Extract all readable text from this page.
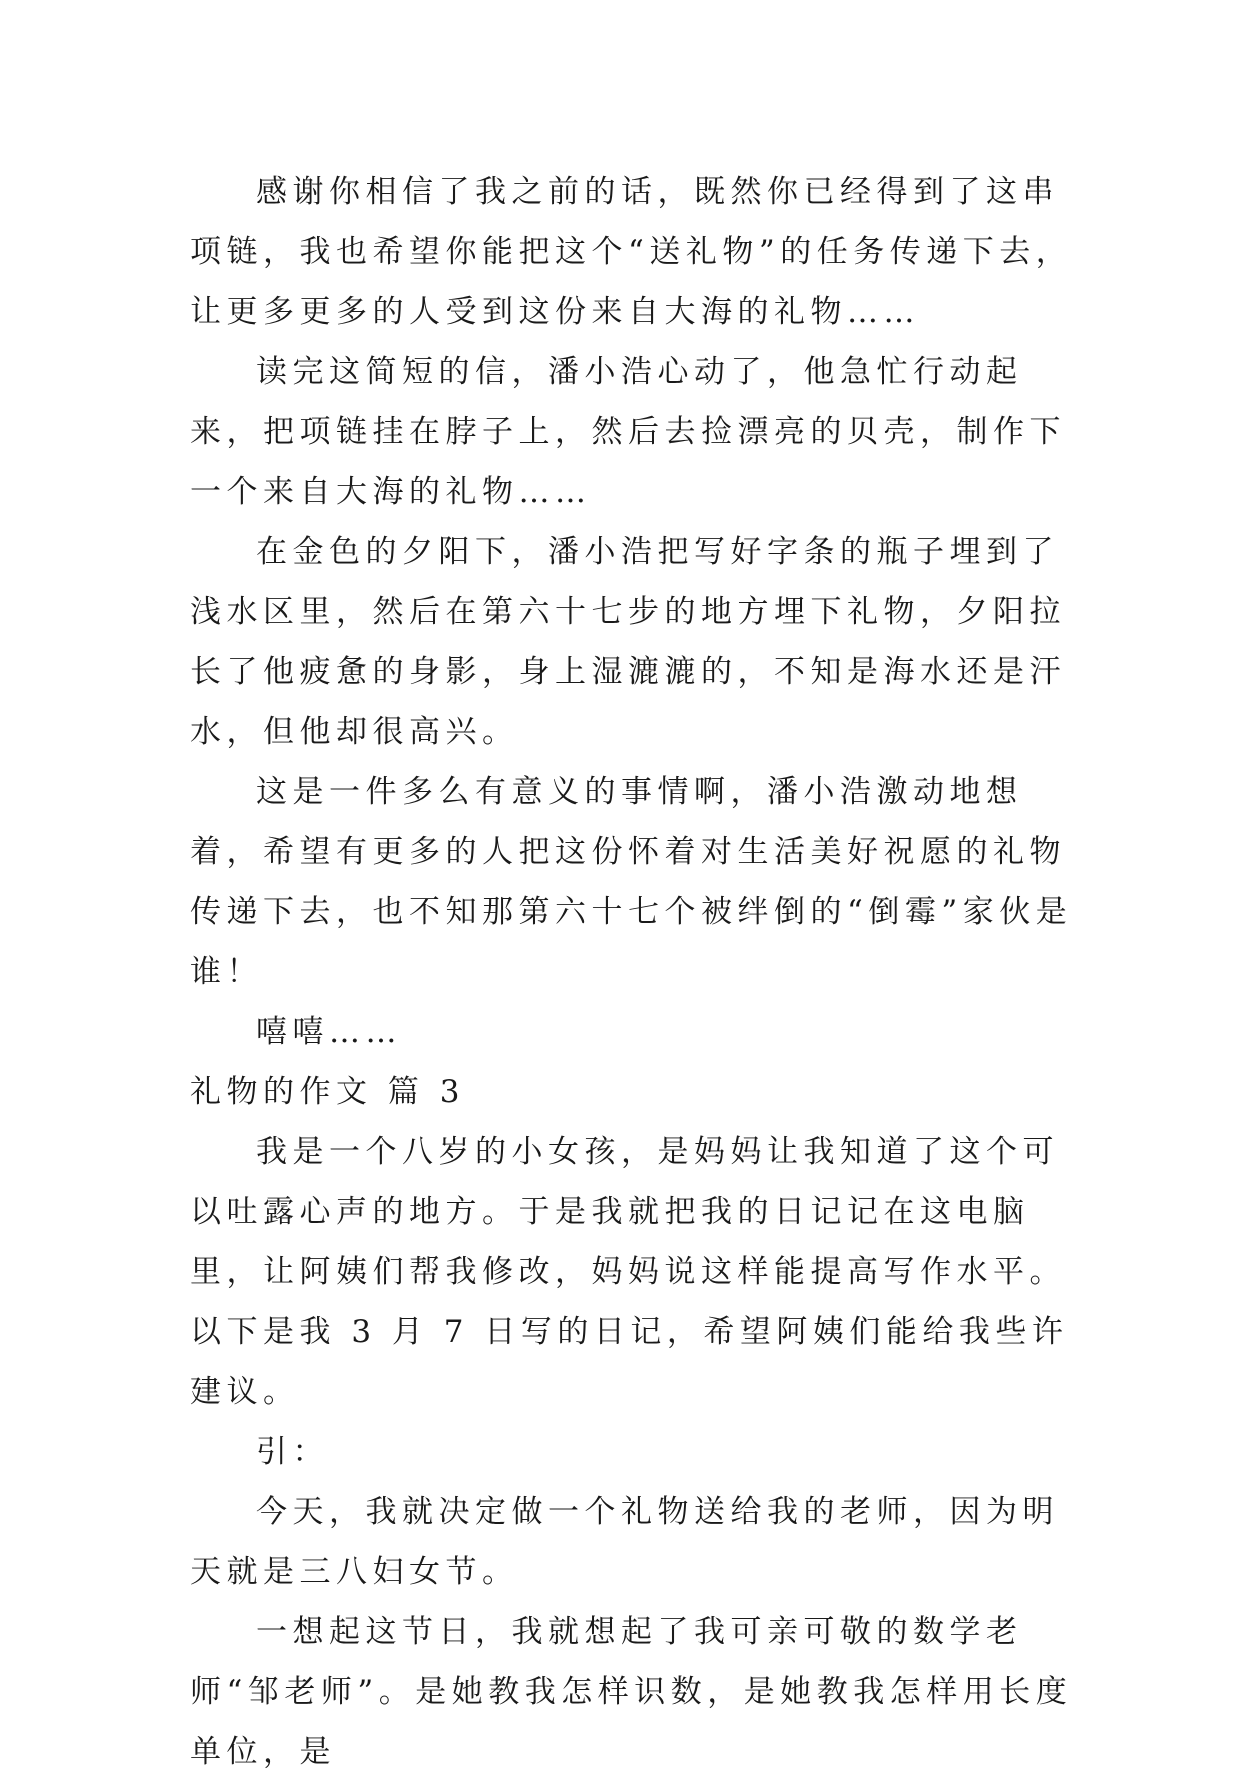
感谢你相信了我之前的话，既然你已经得到了这串项链，我也希望你能把这个“送礼物”的任务传递下去，让更多更多的人受到这份来自大海的礼物……

读完这简短的信，潘小浩心动了，他急忙行动起来，把项链挂在脖子上，然后去捡漂亮的贝壳，制作下一个来自大海的礼物……

在金色的夕阳下，潘小浩把写好字条的瓶子埋到了浅水区里，然后在第六十七步的地方埋下礼物，夕阳拉长了他疲惫的身影，身上湿漉漉的，不知是海水还是汗水，但他却很高兴。

这是一件多么有意义的事情啊，潘小浩激动地想着，希望有更多的人把这份怀着对生活美好祝愿的礼物传递下去，也不知那第六十七个被绊倒的“倒霉”家伙是谁！

嘻嘻……

礼物的作文 篇 3

我是一个八岁的小女孩，是妈妈让我知道了这个可以吐露心声的地方。于是我就把我的日记记在这电脑里，让阿姨们帮我修改，妈妈说这样能提高写作水平。以下是我 3 月 7 日写的日记，希望阿姨们能给我些许建议。

引：

今天，我就决定做一个礼物送给我的老师，因为明天就是三八妇女节。

一想起这节日，我就想起了我可亲可敬的数学老师“邹老师”。是她教我怎样识数，是她教我怎样用长度单位，是
